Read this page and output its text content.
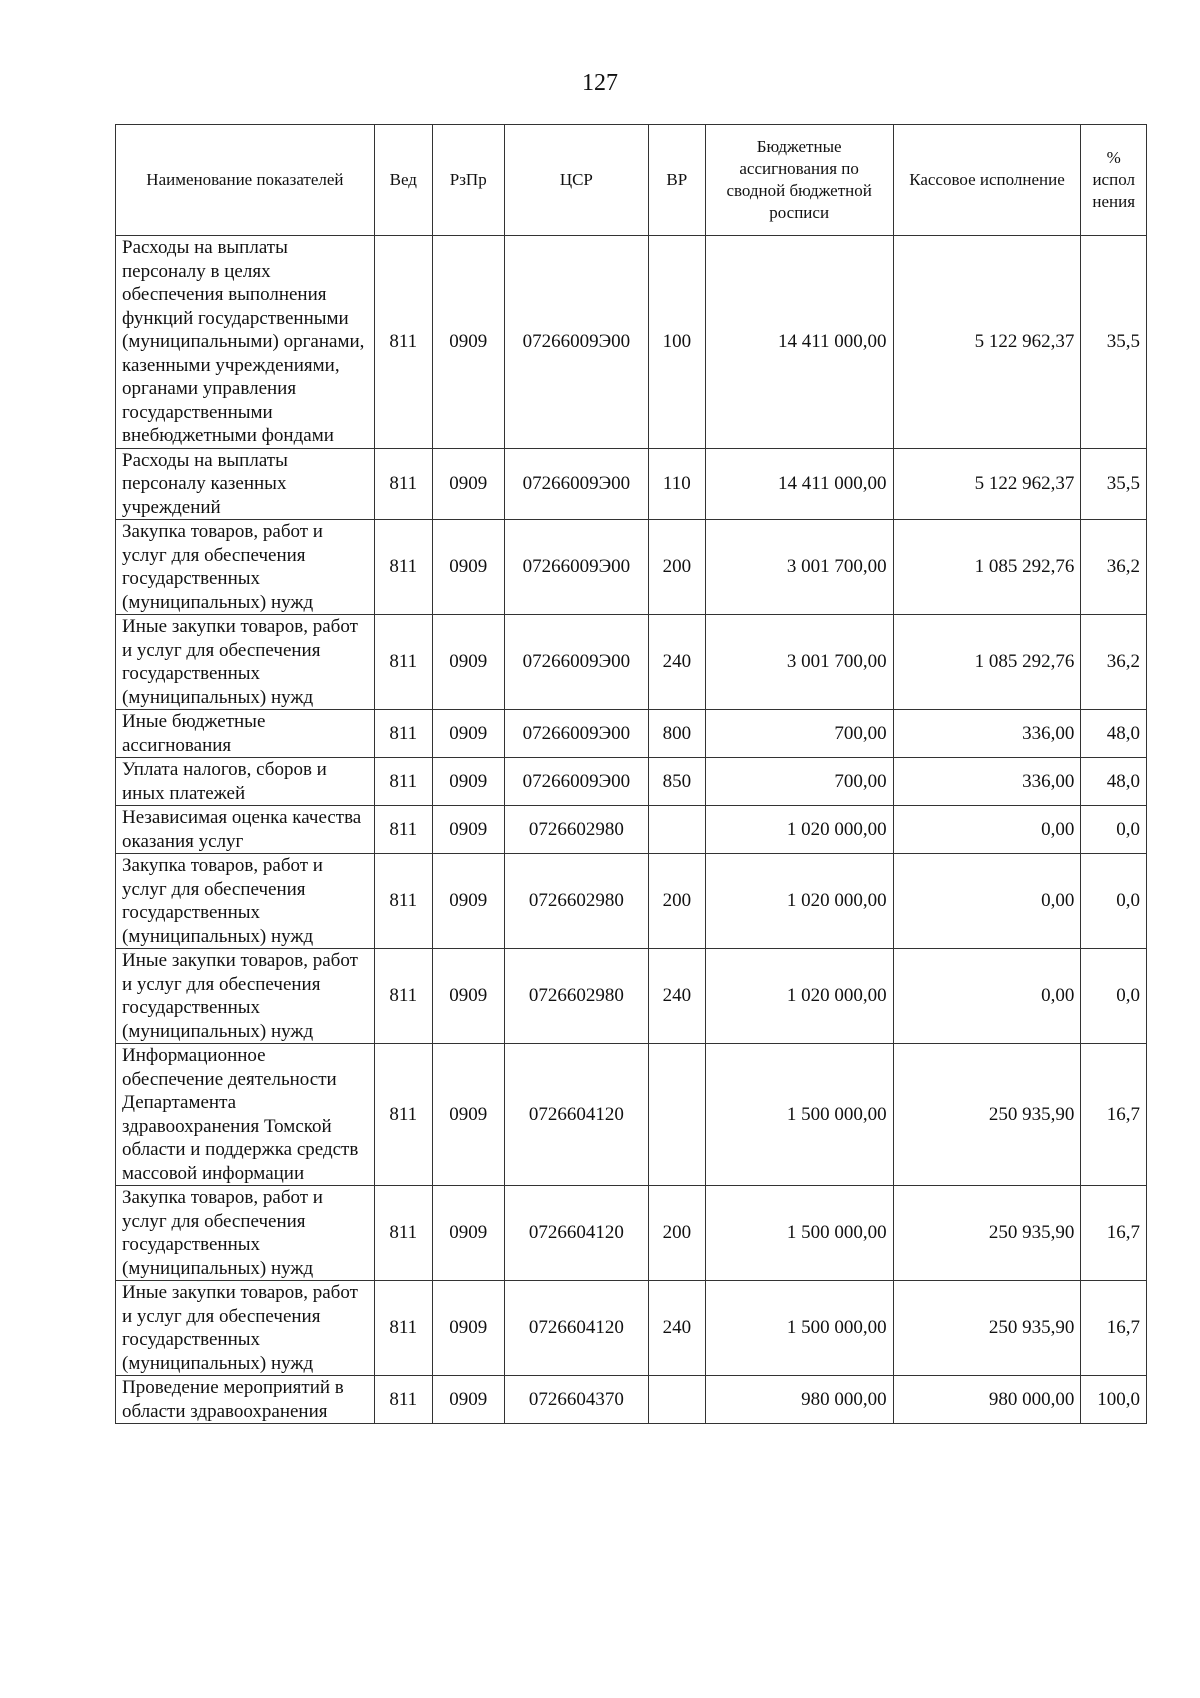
127
Наименование показателей	Вед	РзПр	ЦСР	ВР	Бюджетные ассигнования по сводной бюджетной росписи	Кассовое исполнение	% испол нения
Расходы на выплаты персоналу в целях обеспечения выполнения функций государственными (муниципальными) органами, казенными учреждениями, органами управления государственными внебюджетными фондами	811	0909	07266009Э00	100	14 411 000,00	5 122 962,37	35,5
Расходы на выплаты персоналу казенных учреждений	811	0909	07266009Э00	110	14 411 000,00	5 122 962,37	35,5
Закупка товаров, работ и услуг для обеспечения государственных (муниципальных) нужд	811	0909	07266009Э00	200	3 001 700,00	1 085 292,76	36,2
Иные закупки товаров, работ и услуг для обеспечения государственных (муниципальных) нужд	811	0909	07266009Э00	240	3 001 700,00	1 085 292,76	36,2
Иные бюджетные ассигнования	811	0909	07266009Э00	800	700,00	336,00	48,0
Уплата налогов, сборов и иных платежей	811	0909	07266009Э00	850	700,00	336,00	48,0
Независимая оценка качества оказания услуг	811	0909	0726602980		1 020 000,00	0,00	0,0
Закупка товаров, работ и услуг для обеспечения государственных (муниципальных) нужд	811	0909	0726602980	200	1 020 000,00	0,00	0,0
Иные закупки товаров, работ и услуг для обеспечения государственных (муниципальных) нужд	811	0909	0726602980	240	1 020 000,00	0,00	0,0
Информационное обеспечение деятельности Департамента здравоохранения Томской области и поддержка средств массовой информации	811	0909	0726604120		1 500 000,00	250 935,90	16,7
Закупка товаров, работ и услуг для обеспечения государственных (муниципальных) нужд	811	0909	0726604120	200	1 500 000,00	250 935,90	16,7
Иные закупки товаров, работ и услуг для обеспечения государственных (муниципальных) нужд	811	0909	0726604120	240	1 500 000,00	250 935,90	16,7
Проведение мероприятий в области здравоохранения	811	0909	0726604370		980 000,00	980 000,00	100,0
